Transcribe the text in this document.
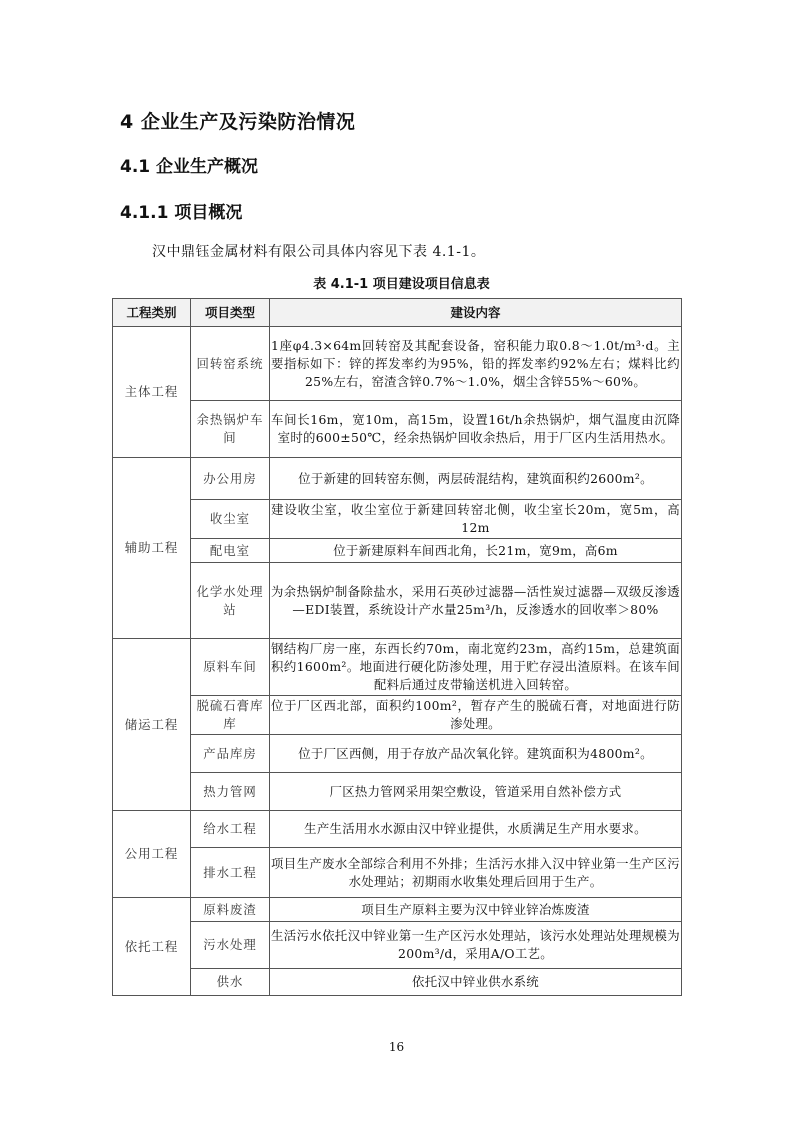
4 企业生产及污染防治情况
4.1 企业生产概况
4.1.1 项目概况
汉中鼎钰金属材料有限公司具体内容见下表 4.1-1。
表 4.1-1 项目建设项目信息表
工程类别	项目类型	建设内容
主体工程	回转窑系统	1座φ4.3×64m回转窑及其配套设备，窑积能力取0.8～1.0t/m³·d。主要指标如下：锌的挥发率约为95%，铅的挥发率约92%左右；煤料比约25%左右，窑渣含锌0.7%～1.0%，烟尘含锌55%～60%。
	余热锅炉车间	车间长16m，宽10m，高15m，设置16t/h余热锅炉，烟气温度由沉降室时的600±50℃，经余热锅炉回收余热后，用于厂区内生活用热水。
辅助工程	办公用房	位于新建的回转窑东侧，两层砖混结构，建筑面积约2600m²。
	收尘室	建设收尘室，收尘室位于新建回转窑北侧，收尘室长20m，宽5m，高12m
	配电室	位于新建原料车间西北角，长21m，宽9m，高6m
	化学水处理站	为余热锅炉制备除盐水，采用石英砂过滤器—活性炭过滤器—双级反渗透—EDI装置，系统设计产水量25m³/h，反渗透水的回收率＞80%
储运工程	原料车间	钢结构厂房一座，东西长约70m，南北宽约23m，高约15m，总建筑面积约1600m²。地面进行硬化防渗处理，用于贮存浸出渣原料。在该车间配料后通过皮带输送机进入回转窑。
	脱硫石膏库库	位于厂区西北部，面积约100m²，暂存产生的脱硫石膏，对地面进行防渗处理。
	产品库房	位于厂区西侧，用于存放产品次氧化锌。建筑面积为4800m²。
	热力管网	厂区热力管网采用架空敷设，管道采用自然补偿方式
公用工程	给水工程	生产生活用水水源由汉中锌业提供，水质满足生产用水要求。
	排水工程	项目生产废水全部综合利用不外排；生活污水排入汉中锌业第一生产区污水处理站；初期雨水收集处理后回用于生产。
依托工程	原料废渣	项目生产原料主要为汉中锌业锌冶炼废渣
	污水处理	生活污水依托汉中锌业第一生产区污水处理站，该污水处理站处理规模为200m³/d，采用A/O工艺。
	供水	依托汉中锌业供水系统
16
